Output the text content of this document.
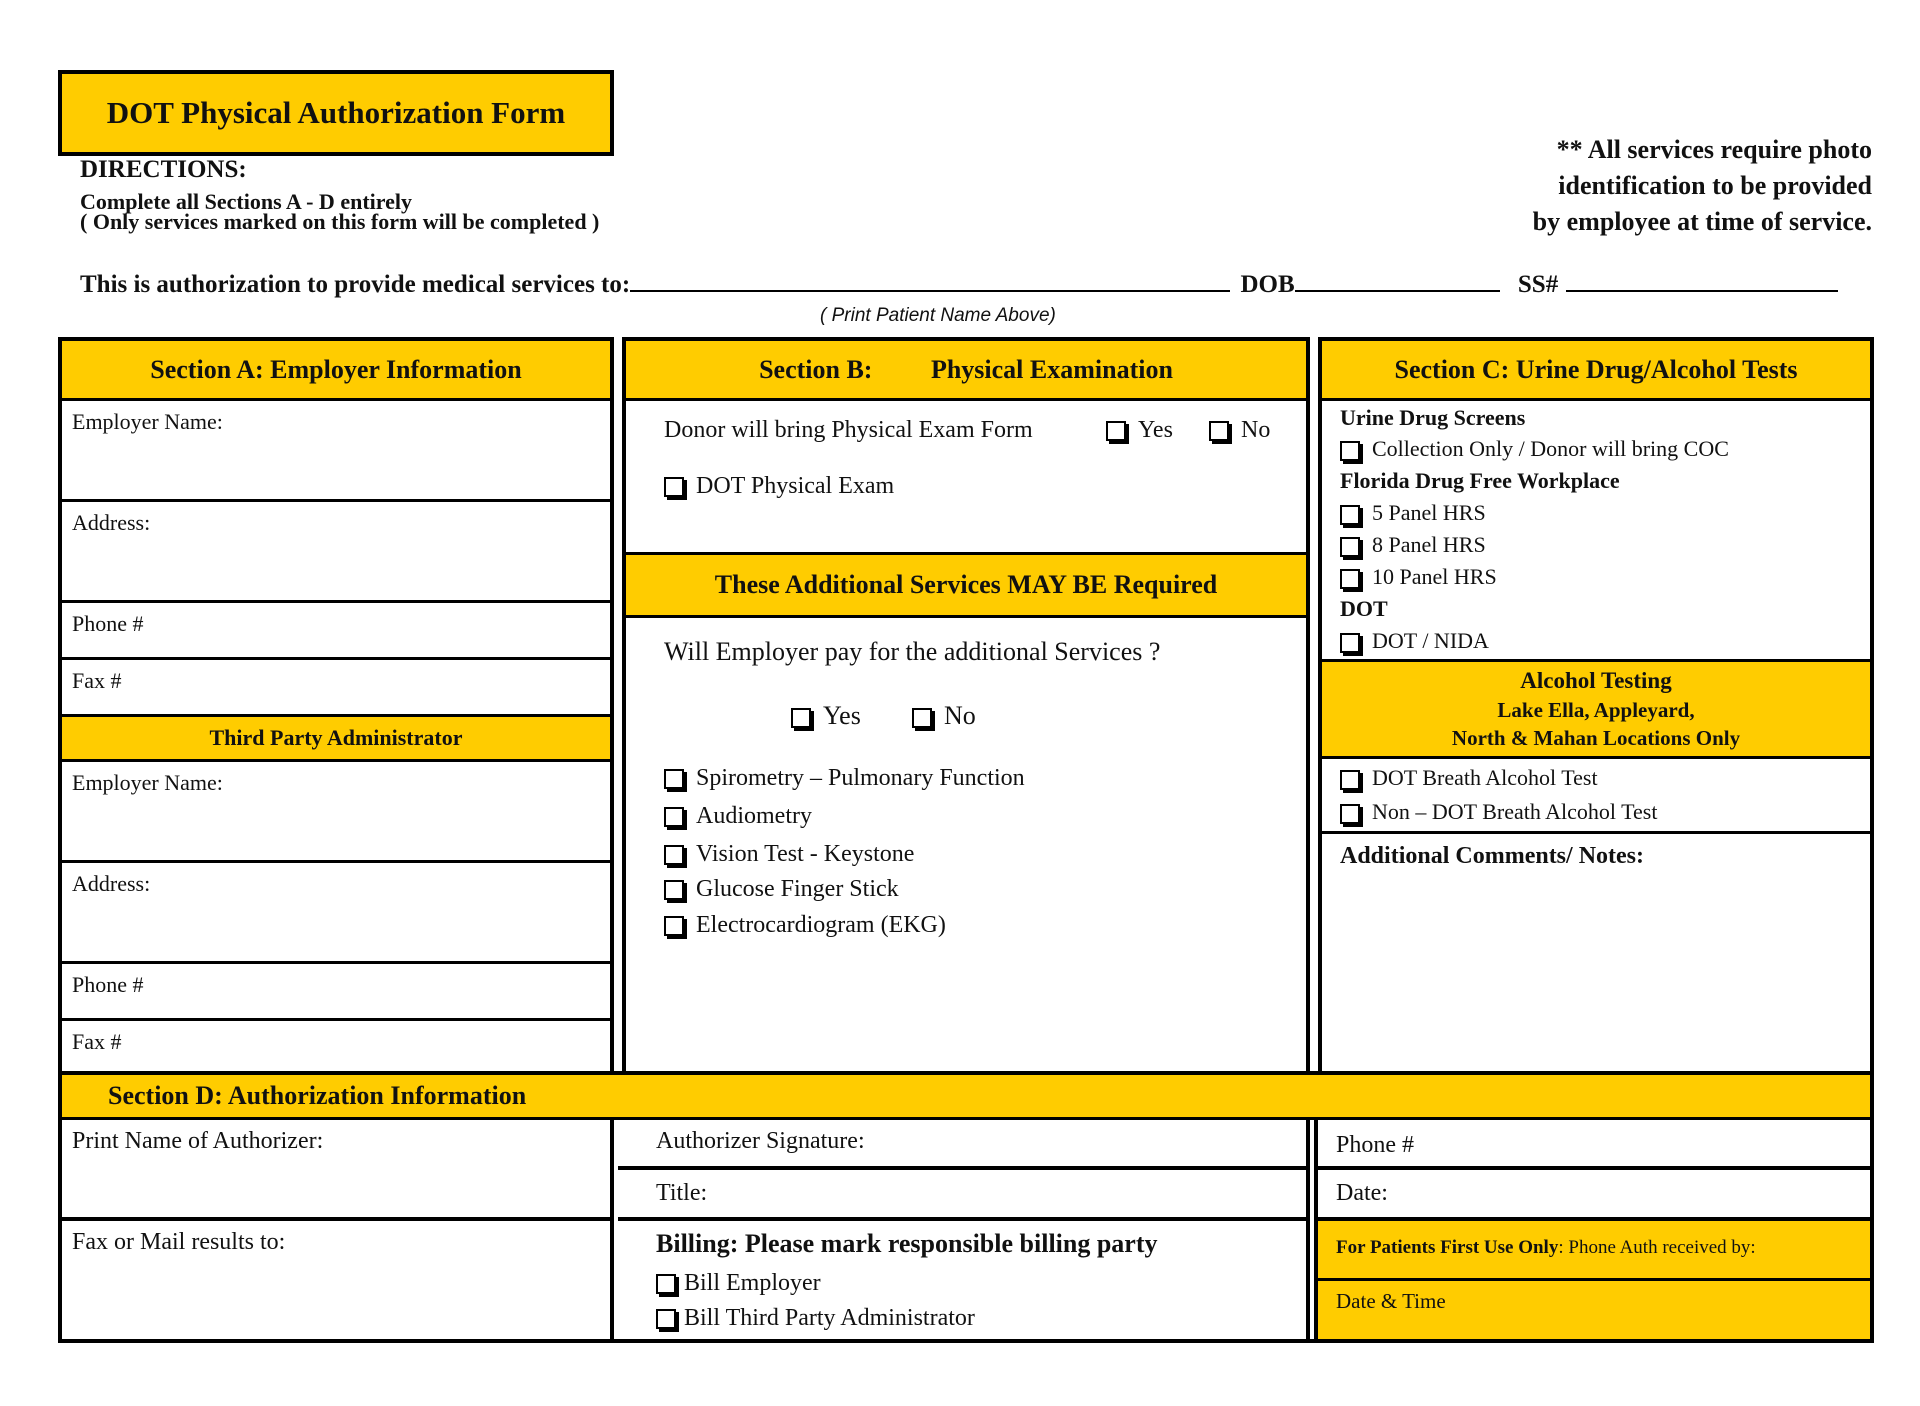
DOT Physical Authorization Form
DIRECTIONS:
Complete all Sections A - D entirely
( Only services marked on this form will be completed )
** All services require photo
identification to be provided
by employee at time of service.
This is authorization to provide medical services to:	DOB	SS#
( Print Patient Name Above)
Section A: Employer Information
Employer Name:
Address:
Phone #
Fax #
Third Party Administrator
Employer Name:
Address:
Phone #
Fax #
Section B:         Physical Examination
Donor will bring Physical Exam Form	Yes	No
DOT Physical Exam
These Additional Services MAY BE Required
Will Employer pay for the additional Services ?
Yes	No
Spirometry – Pulmonary Function
Audiometry
Vision Test - Keystone
Glucose Finger Stick
Electrocardiogram (EKG)
Section C: Urine Drug/Alcohol Tests
Urine Drug Screens
Collection Only / Donor will bring COC
Florida Drug Free Workplace
5 Panel HRS
8 Panel HRS
10 Panel HRS
DOT
DOT / NIDA
Alcohol Testing
Lake Ella, Appleyard,
North & Mahan Locations Only
DOT Breath Alcohol Test
Non – DOT Breath Alcohol Test
Additional Comments/ Notes:
Section D: Authorization Information
Print Name of Authorizer:
Fax or Mail results to:
Authorizer Signature:
Title:
Billing: Please mark responsible billing party
Bill Employer
Bill Third Party Administrator
Phone #
Date:
For Patients First Use Only: Phone Auth received by:
Date & Time
